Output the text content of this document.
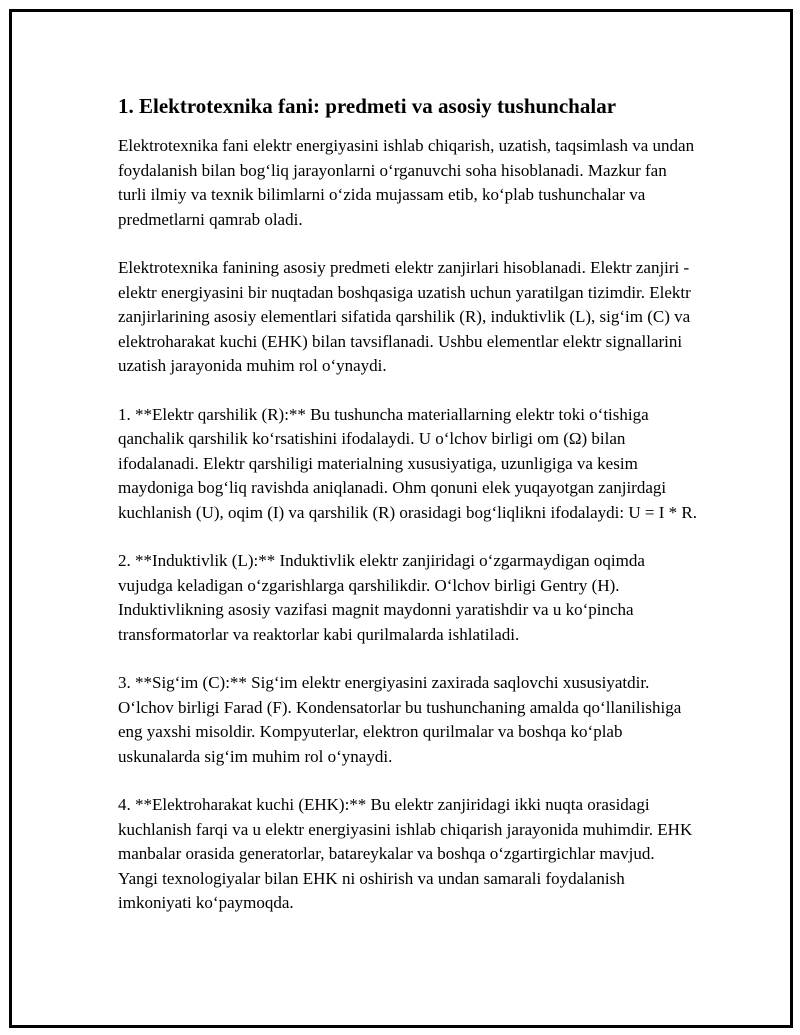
1. Elektrotexnika fani: predmeti va asosiy tushunchalar

Elektrotexnika fani elektr energiyasini ishlab chiqarish, uzatish, taqsimlash va undan foydalanish bilan bogʻliq jarayonlarni oʻrganuvchi soha hisoblanadi. Mazkur fan turli ilmiy va texnik bilimlarni oʻzida mujassam etib, koʻplab tushunchalar va predmetlarni qamrab oladi.

Elektrotexnika fanining asosiy predmeti elektr zanjirlari hisoblanadi. Elektr zanjiri - elektr energiyasini bir nuqtadan boshqasiga uzatish uchun yaratilgan tizimdir. Elektr zanjirlarining asosiy elementlari sifatida qarshilik (R), induktivlik (L), sigʻim (C) va elektroharakat kuchi (EHK) bilan tavsiflanadi. Ushbu elementlar elektr signallarini uzatish jarayonida muhim rol oʻynaydi.

1. **Elektr qarshilik (R):** Bu tushuncha materiallarning elektr toki oʻtishiga qanchalik qarshilik koʻrsatishini ifodalaydi. U oʻlchov birligi om (Ω) bilan ifodalanadi. Elektr qarshiligi materialning xususiyatiga, uzunligiga va kesim maydoniga bogʻliq ravishda aniqlanadi. Ohm qonuni elek yuqayotgan zanjirdagi kuchlanish (U), oqim (I) va qarshilik (R) orasidagi bogʻliqlikni ifodalaydi: U = I * R.

2. **Induktivlik (L):** Induktivlik elektr zanjiridagi oʻzgarmaydigan oqimda vujudga keladigan oʻzgarishlarga qarshilikdir. Oʻlchov birligi Gentry (H). Induktivlikning asosiy vazifasi magnit maydonni yaratishdir va u koʻpincha transformatorlar va reaktorlar kabi qurilmalarda ishlatiladi.

3. **Sigʻim (C):** Sigʻim elektr energiyasini zaxirada saqlovchi xususiyatdir. Oʻlchov birligi Farad (F). Kondensatorlar bu tushunchaning amalda qoʻllanilishiga eng yaxshi misoldir. Kompyuterlar, elektron qurilmalar va boshqa koʻplab uskunalarda sigʻim muhim rol oʻynaydi.

4. **Elektroharakat kuchi (EHK):** Bu elektr zanjiridagi ikki nuqta orasidagi kuchlanish farqi va u elektr energiyasini ishlab chiqarish jarayonida muhimdir. EHK manbalar orasida generatorlar, batareykalar va boshqa oʻzgartirgichlar mavjud. Yangi texnologiyalar bilan EHK ni oshirish va undan samarali foydalanish imkoniyati koʻpaymoqda.
